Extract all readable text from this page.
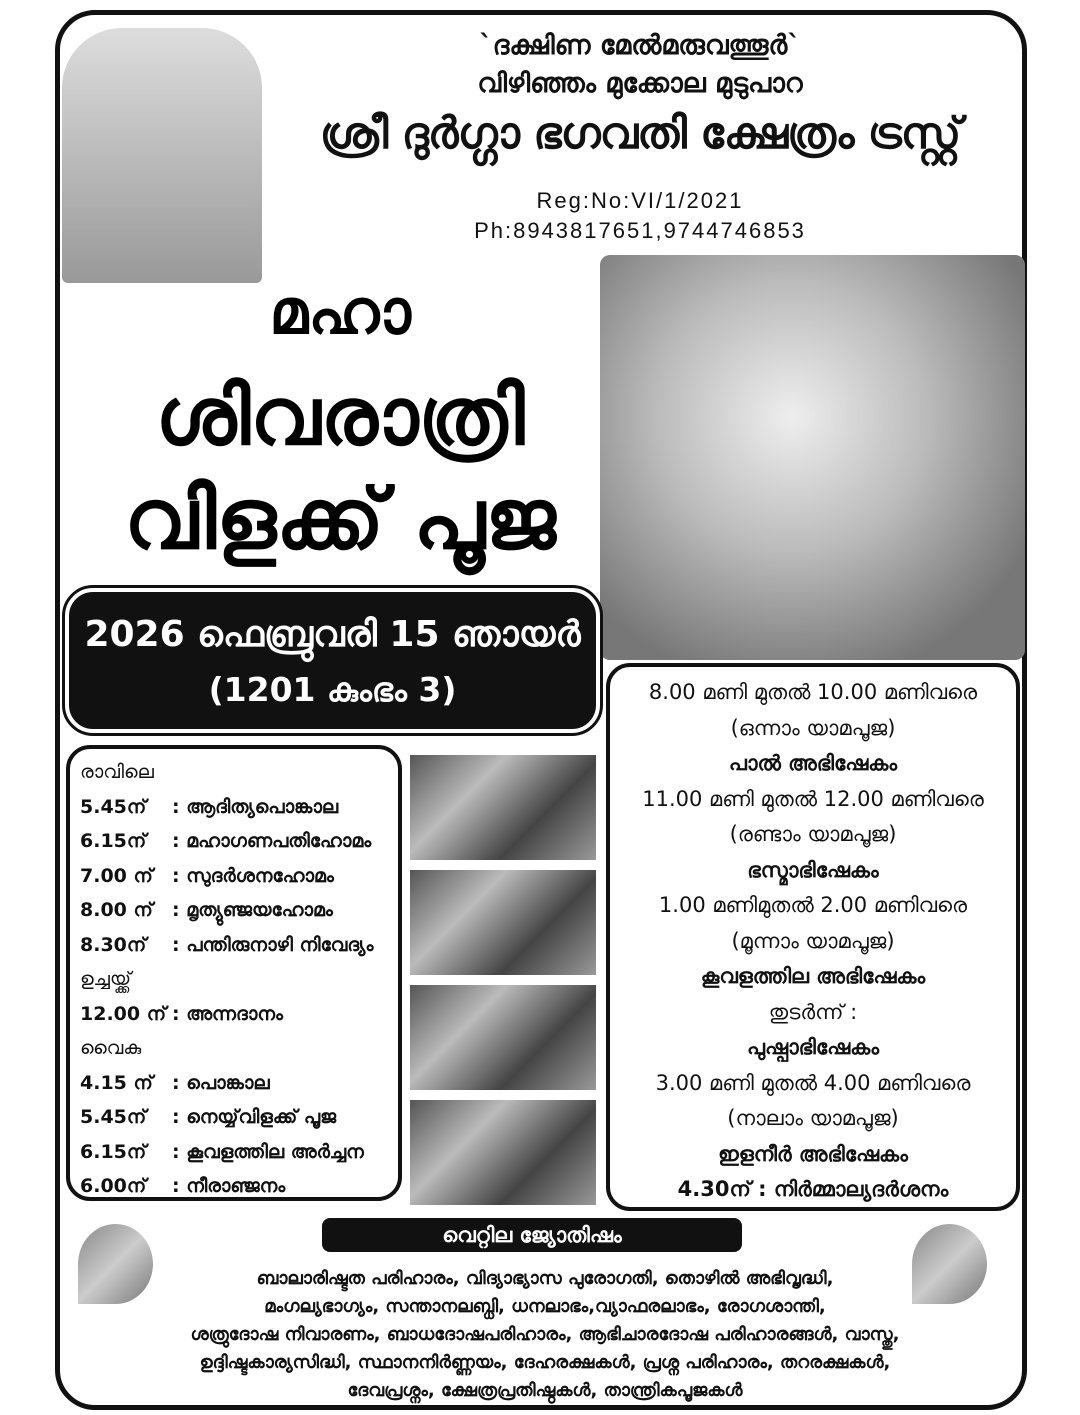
`ദക്ഷിണ മേൽമരുവത്തൂർ`
വിഴിഞ്ഞം മുക്കോല മുടുപാറ
ശ്രീ ദുർഗ്ഗാ ഭഗവതി ക്ഷേത്രം ട്രസ്റ്റ്
Reg:No:VI/1/2021
Ph:8943817651,9744746853
മഹാ
ശിവരാത്രി
വിളക്ക് പൂജ
2026 ഫെബ്രുവരി 15 ഞായർ
(1201 കുംഭം 3)
രാവിലെ
5.45ന്	: ആദിത്യപൊങ്കാല
6.15ന്	: മഹാഗണപതിഹോമം
7.00 ന്	: സുദർശനഹോമം
8.00 ന്	: മൃത്യുഞ്ജയഹോമം
8.30ന്	: പന്തിരുനാഴി നിവേദ്യം
ഉച്ചയ്ക്ക്
12.00 ന് : അന്നദാനം
വൈകു
4.15 ന്	: പൊങ്കാല
5.45ന്	: നെയ്യ്‌വിളക്ക് പൂജ
6.15ന്	: കൂവളത്തില അർച്ചന
6.00ന്	: നീരാഞ്ജനം
8.00 മണി മുതൽ 10.00 മണിവരെ
(ഒന്നാം യാമപൂജ)
പാൽ അഭിഷേകം
11.00 മണി മുതൽ 12.00 മണിവരെ
(രണ്ടാം യാമപൂജ)
ഭസ്മാഭിഷേകം
1.00 മണിമുതൽ 2.00 മണിവരെ
(മൂന്നാം യാമപൂജ)
കൂവളത്തില അഭിഷേകം
തുടർന്ന് :
പുഷ്പാഭിഷേകം
3.00 മണി മുതൽ 4.00 മണിവരെ
(നാലാം യാമപൂജ)
ഇളനീർ അഭിഷേകം
4.30ന് : നിർമ്മാല്യദർശനം
വെറ്റില ജ്യോതിഷം
ബാലാരിഷ്ടത പരിഹാരം, വിദ്യാഭ്യാസ പുരോഗതി, തൊഴിൽ അഭിവൃദ്ധി,
മംഗല്യഭാഗ്യം, സന്താനലബ്ധി, ധനലാഭം,വ്യാഫരലാഭം, രോഗശാന്തി,
ശത്രുദോഷ നിവാരണം, ബാധദോഷപരിഹാരം, ആഭിചാരദോഷ പരിഹാരങ്ങൾ, വാസ്തു,
ഉദ്ദിഷ്ടകാര്യസിദ്ധി, സ്ഥാനനിർണ്ണയം, ദേഹരക്ഷകൾ, പ്രശ്ന പരിഹാരം, തറരക്ഷകൾ,
ദേവപ്രശ്നം, ക്ഷേത്രപ്രതിഷ്ഠകൾ, താന്ത്രികപൂജകൾ
